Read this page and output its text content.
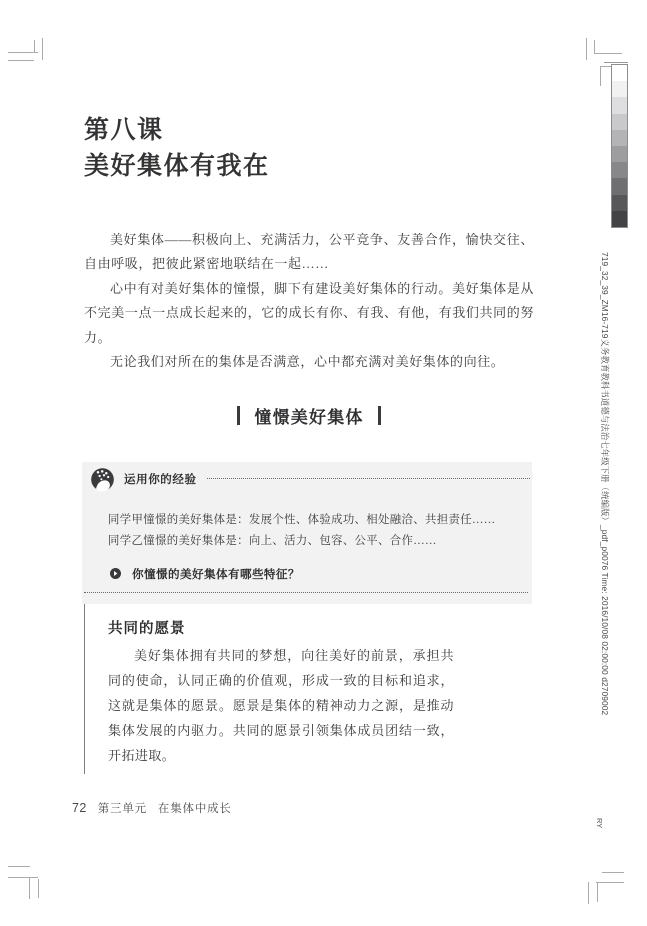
719_32_39_ZM16-719义务教育教科书道德与法治七年级下册（统编版）_pdf_p0076 Time: 2016/10/08 02:00:00 d2709002
RY
第八课
美好集体有我在

美好集体——积极向上、充满活力，公平竞争、友善合作，愉快交往、自由呼吸，把彼此紧密地联结在一起……

心中有对美好集体的憧憬，脚下有建设美好集体的行动。美好集体是从不完美一点一点成长起来的，它的成长有你、有我、有他，有我们共同的努力。

无论我们对所在的集体是否满意，心中都充满对美好集体的向往。

憧憬美好集体
运用你的经验
同学甲憧憬的美好集体是：发展个性、体验成功、相处融洽、共担责任……
同学乙憧憬的美好集体是：向上、活力、包容、公平、合作……
你憧憬的美好集体有哪些特征？
共同的愿景
美好集体拥有共同的梦想，向往美好的前景，承担共同的使命，认同正确的价值观，形成一致的目标和追求，这就是集体的愿景。愿景是集体的精神动力之源，是推动集体发展的内驱力。共同的愿景引领集体成员团结一致，开拓进取。
72 第三单元 在集体中成长
